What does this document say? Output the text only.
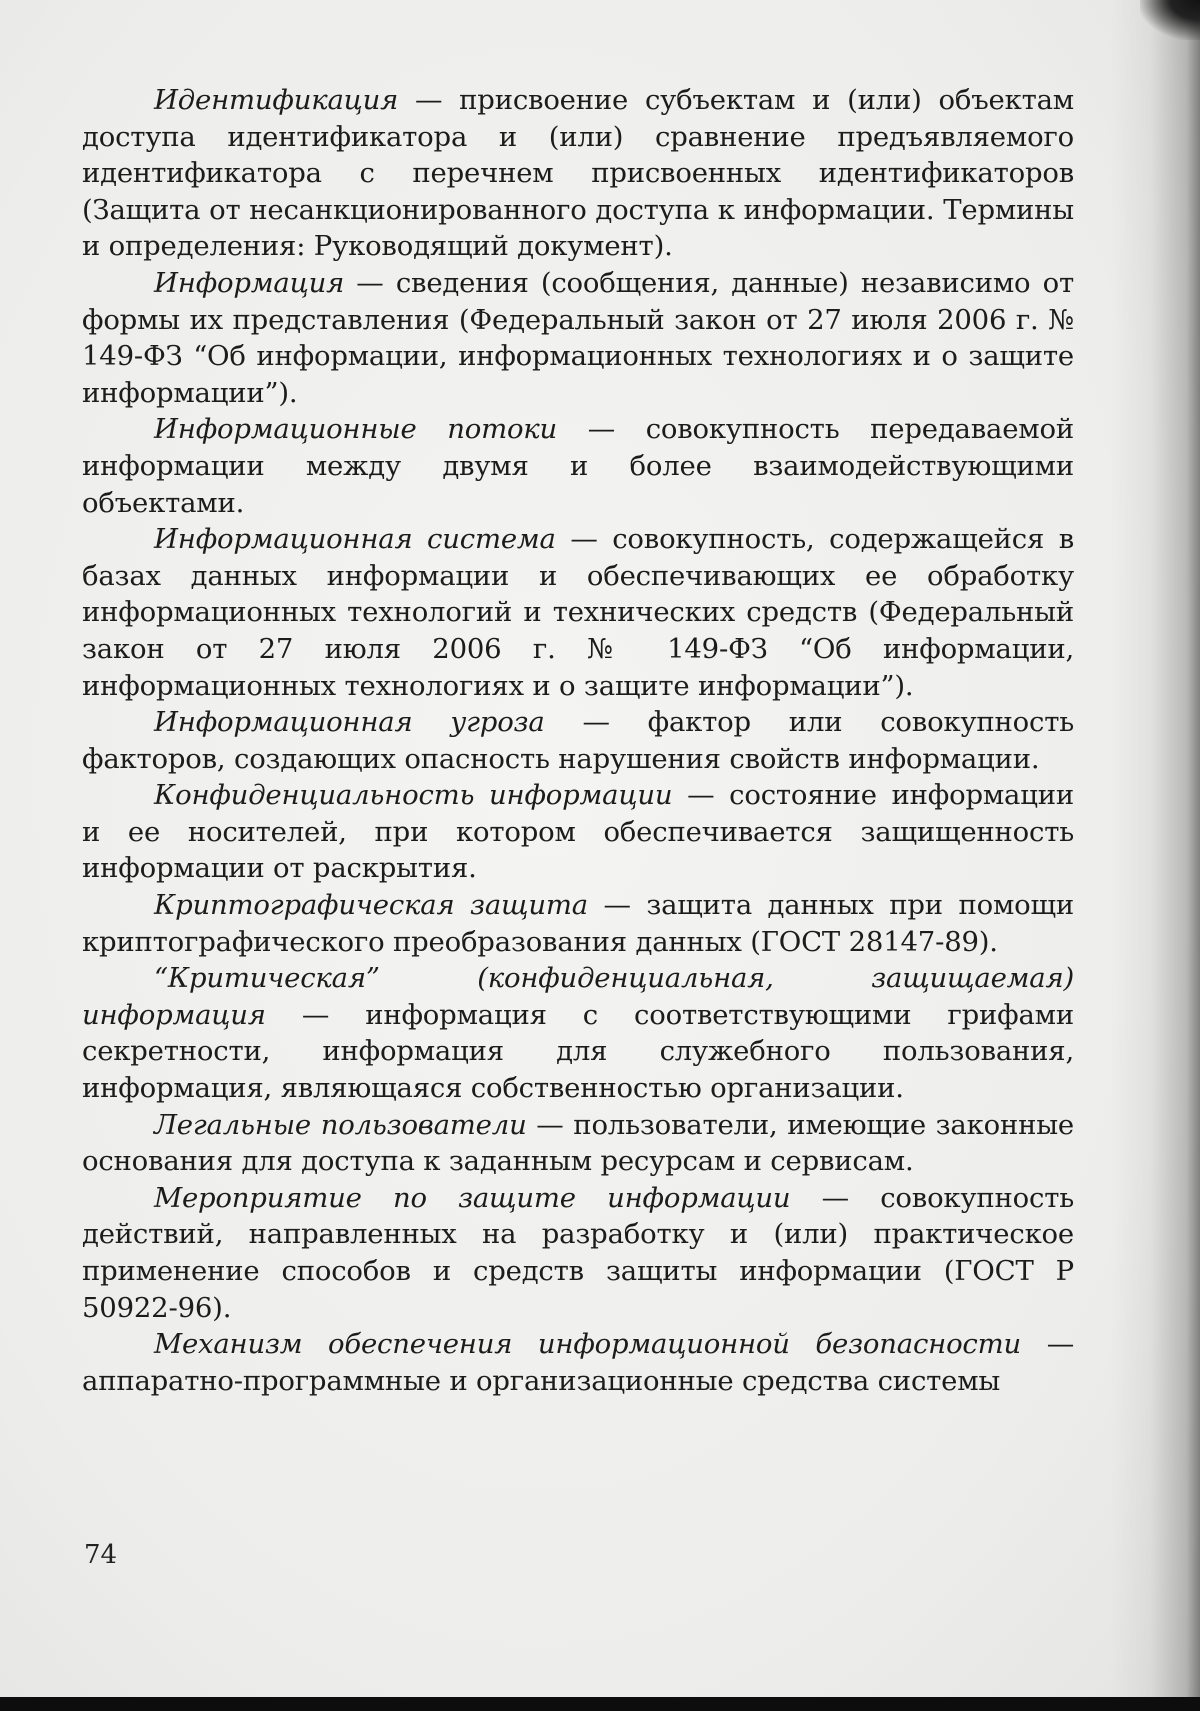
Идентификация — присвоение субъектам и (или) объектам доступа идентификатора и (или) сравнение предъявляемого идентификатора с перечнем присвоенных идентификаторов (Защита от несанкционированного доступа к информации. Термины и определения: Руководящий документ).

Информация — сведения (сообщения, данные) независимо от формы их представления (Федеральный закон от 27 июля 2006 г. № 149-ФЗ “Об информации, информационных технологиях и о защите информации”).

Информационные потоки — совокупность передаваемой информации между двумя и более взаимодействующими объектами.

Информационная система — совокупность, содержащейся в базах данных информации и обеспечивающих ее обработку информационных технологий и технических средств (Федеральный закон от 27 июля 2006 г. № 149-ФЗ “Об информации, информационных технологиях и о защите информации”).

Информационная угроза — фактор или совокупность факторов, создающих опасность нарушения свойств информации.

Конфиденциальность информации — состояние информации и ее носителей, при котором обеспечивается защищенность информации от раскрытия.

Криптографическая защита — защита данных при помощи криптографического преобразования данных (ГОСТ 28147-89).

“Критическая” (конфиденциальная, защищаемая) информация — информация с соответствующими грифами секретности, информация для служебного пользования, информация, являющаяся собственностью организации.

Легальные пользователи — пользователи, имеющие законные основания для доступа к заданным ресурсам и сервисам.

Мероприятие по защите информации — совокупность действий, направленных на разработку и (или) практическое применение способов и средств защиты информации (ГОСТ Р 50922-96).

Механизм обеспечения информационной безопасности — аппаратно-программные и организационные средства системы

74
